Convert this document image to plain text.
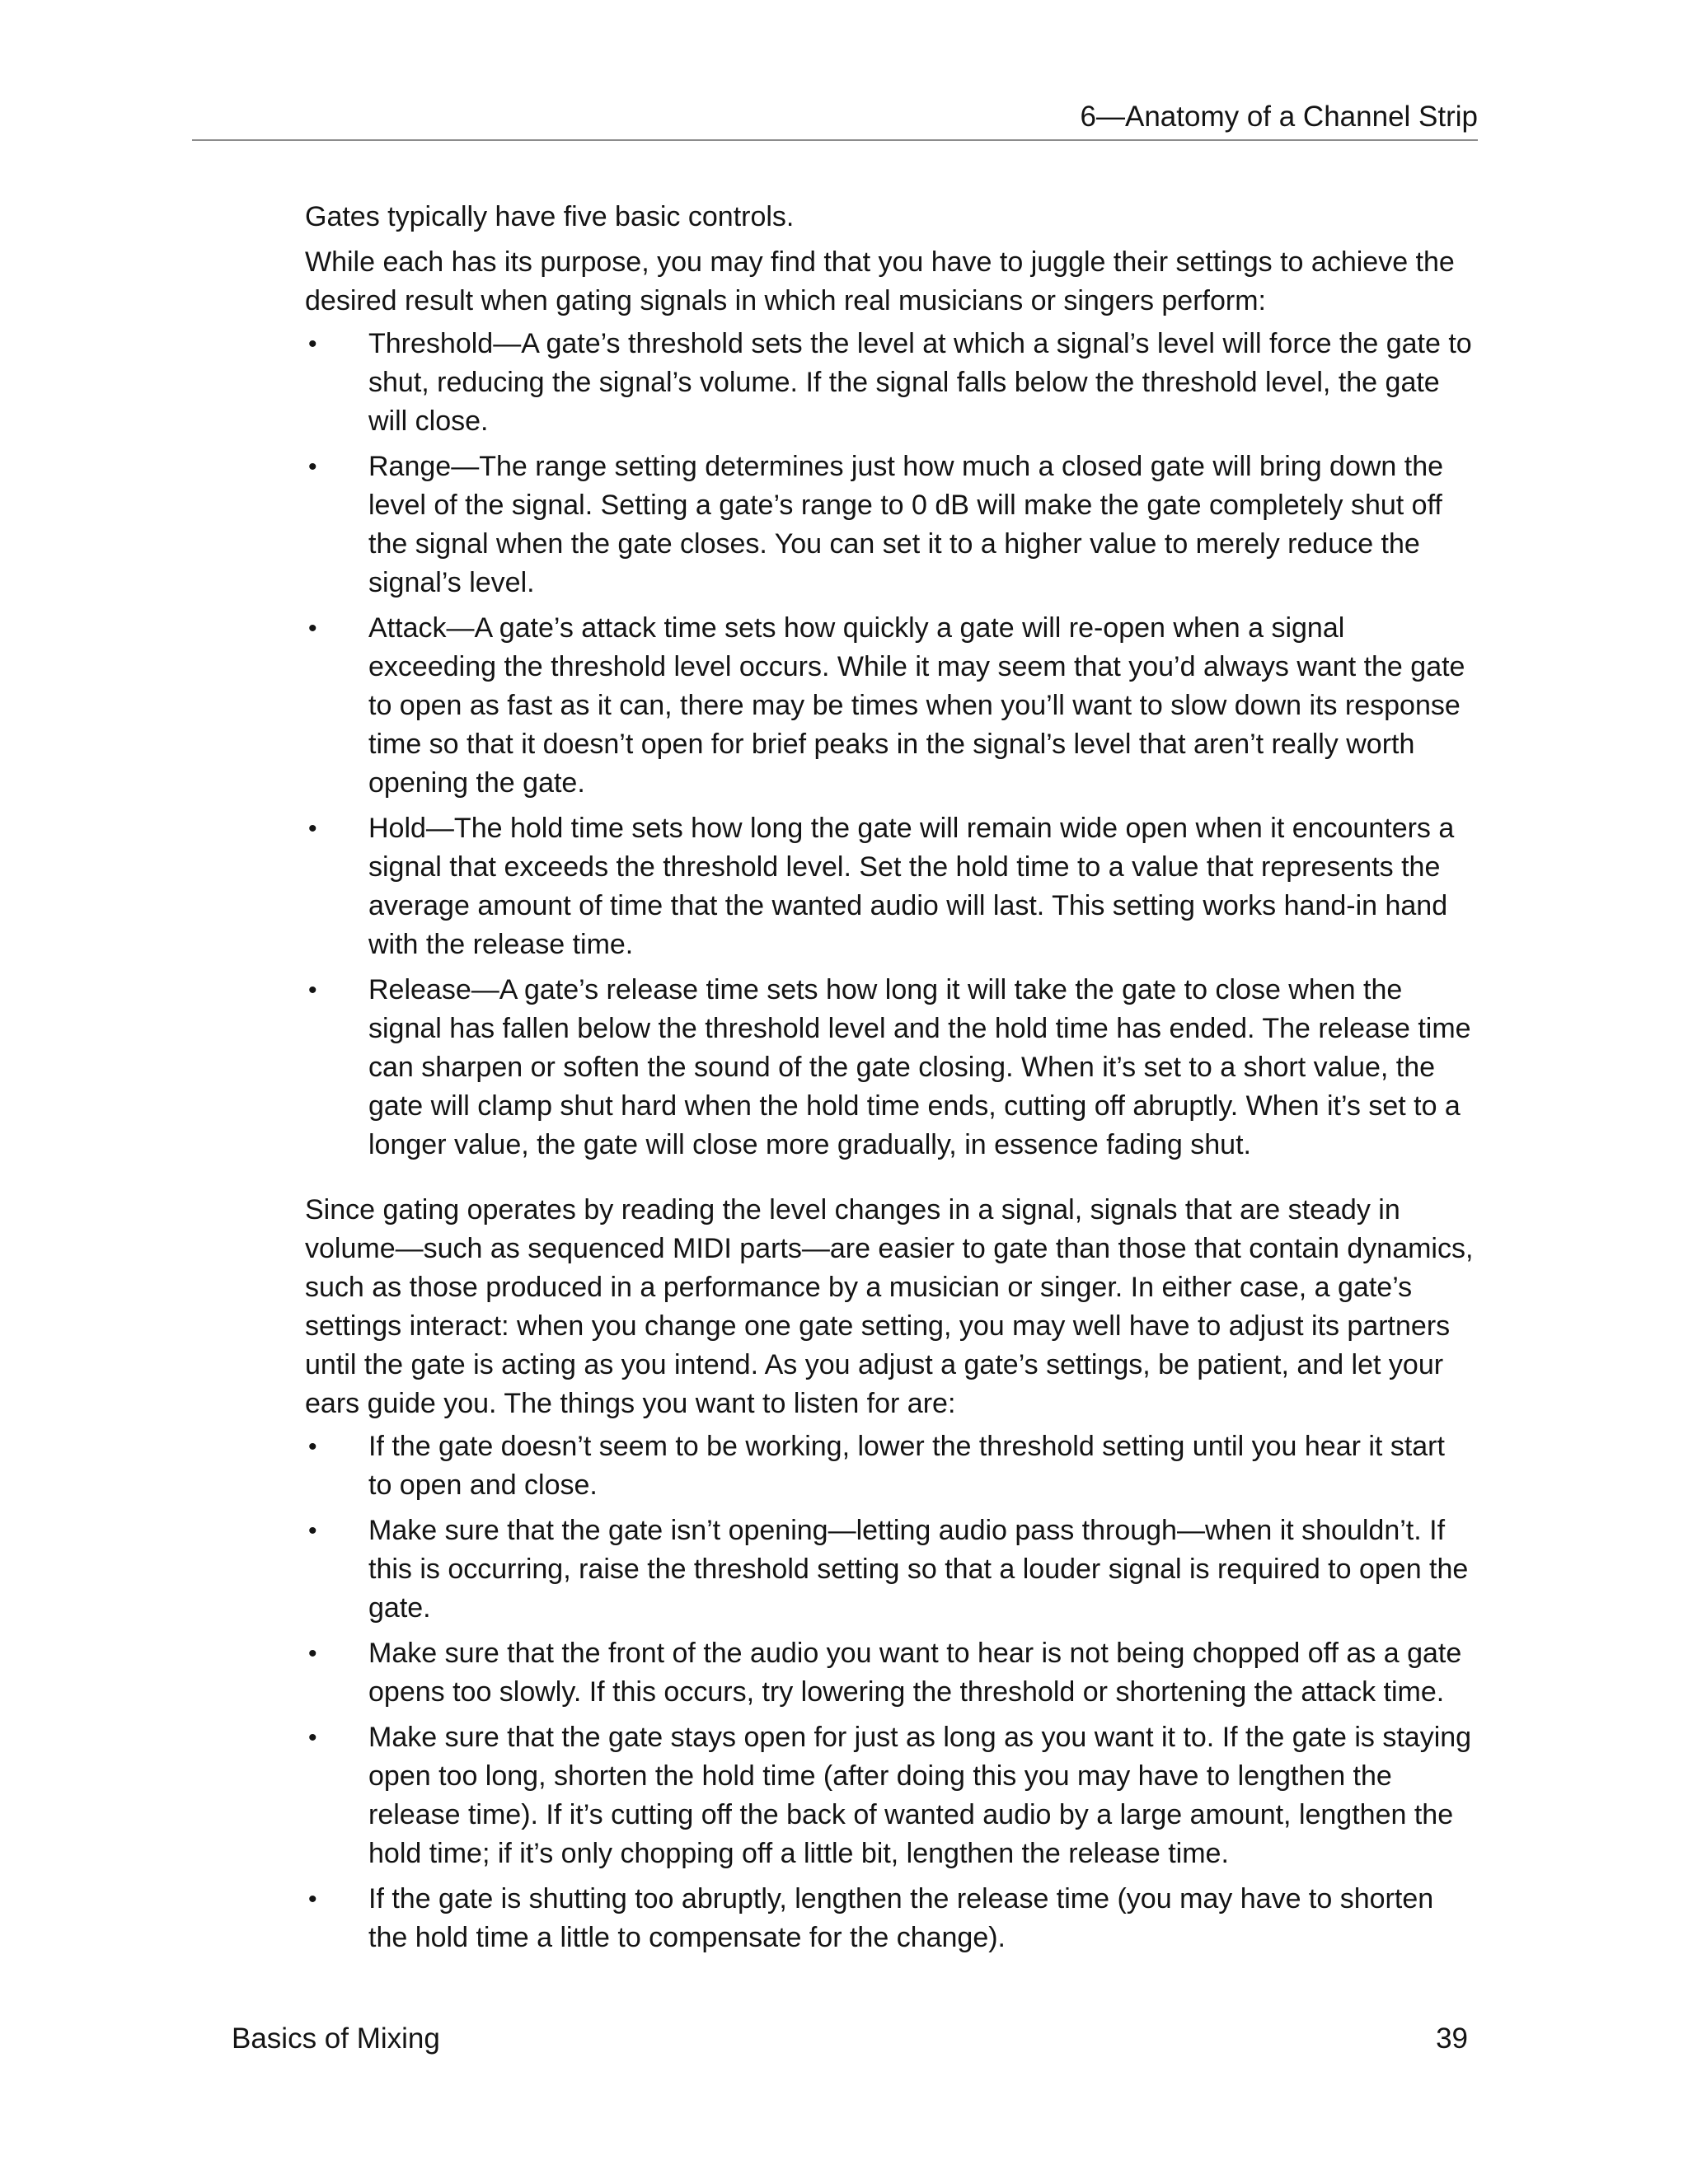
6—Anatomy of a Channel Strip

Gates typically have five basic controls.

While each has its purpose, you may find that you have to juggle their settings to achieve the desired result when gating signals in which real musicians or singers perform:

• Threshold—A gate’s threshold sets the level at which a signal’s level will force the gate to shut, reducing the signal’s volume. If the signal falls below the threshold level, the gate will close.
• Range—The range setting determines just how much a closed gate will bring down the level of the signal. Setting a gate’s range to 0 dB will make the gate completely shut off the signal when the gate closes. You can set it to a higher value to merely reduce the signal’s level.
• Attack—A gate’s attack time sets how quickly a gate will re-open when a signal exceeding the threshold level occurs. While it may seem that you’d always want the gate to open as fast as it can, there may be times when you’ll want to slow down its response time so that it doesn’t open for brief peaks in the signal’s level that aren’t really worth opening the gate.
• Hold—The hold time sets how long the gate will remain wide open when it encounters a signal that exceeds the threshold level. Set the hold time to a value that represents the average amount of time that the wanted audio will last. This setting works hand-in hand with the release time.
• Release—A gate’s release time sets how long it will take the gate to close when the signal has fallen below the threshold level and the hold time has ended. The release time can sharpen or soften the sound of the gate closing. When it’s set to a short value, the gate will clamp shut hard when the hold time ends, cutting off abruptly. When it’s set to a longer value, the gate will close more gradually, in essence fading shut.

Since gating operates by reading the level changes in a signal, signals that are steady in volume—such as sequenced MIDI parts—are easier to gate than those that contain dynamics, such as those produced in a performance by a musician or singer. In either case, a gate’s settings interact: when you change one gate setting, you may well have to adjust its partners until the gate is acting as you intend. As you adjust a gate’s settings, be patient, and let your ears guide you. The things you want to listen for are:

• If the gate doesn’t seem to be working, lower the threshold setting until you hear it start to open and close.
• Make sure that the gate isn’t opening—letting audio pass through—when it shouldn’t. If this is occurring, raise the threshold setting so that a louder signal is required to open the gate.
• Make sure that the front of the audio you want to hear is not being chopped off as a gate opens too slowly. If this occurs, try lowering the threshold or shortening the attack time.
• Make sure that the gate stays open for just as long as you want it to. If the gate is staying open too long, shorten the hold time (after doing this you may have to lengthen the release time). If it’s cutting off the back of wanted audio by a large amount, lengthen the hold time; if it’s only chopping off a little bit, lengthen the release time.
• If the gate is shutting too abruptly, lengthen the release time (you may have to shorten the hold time a little to compensate for the change).
Basics of Mixing	39
